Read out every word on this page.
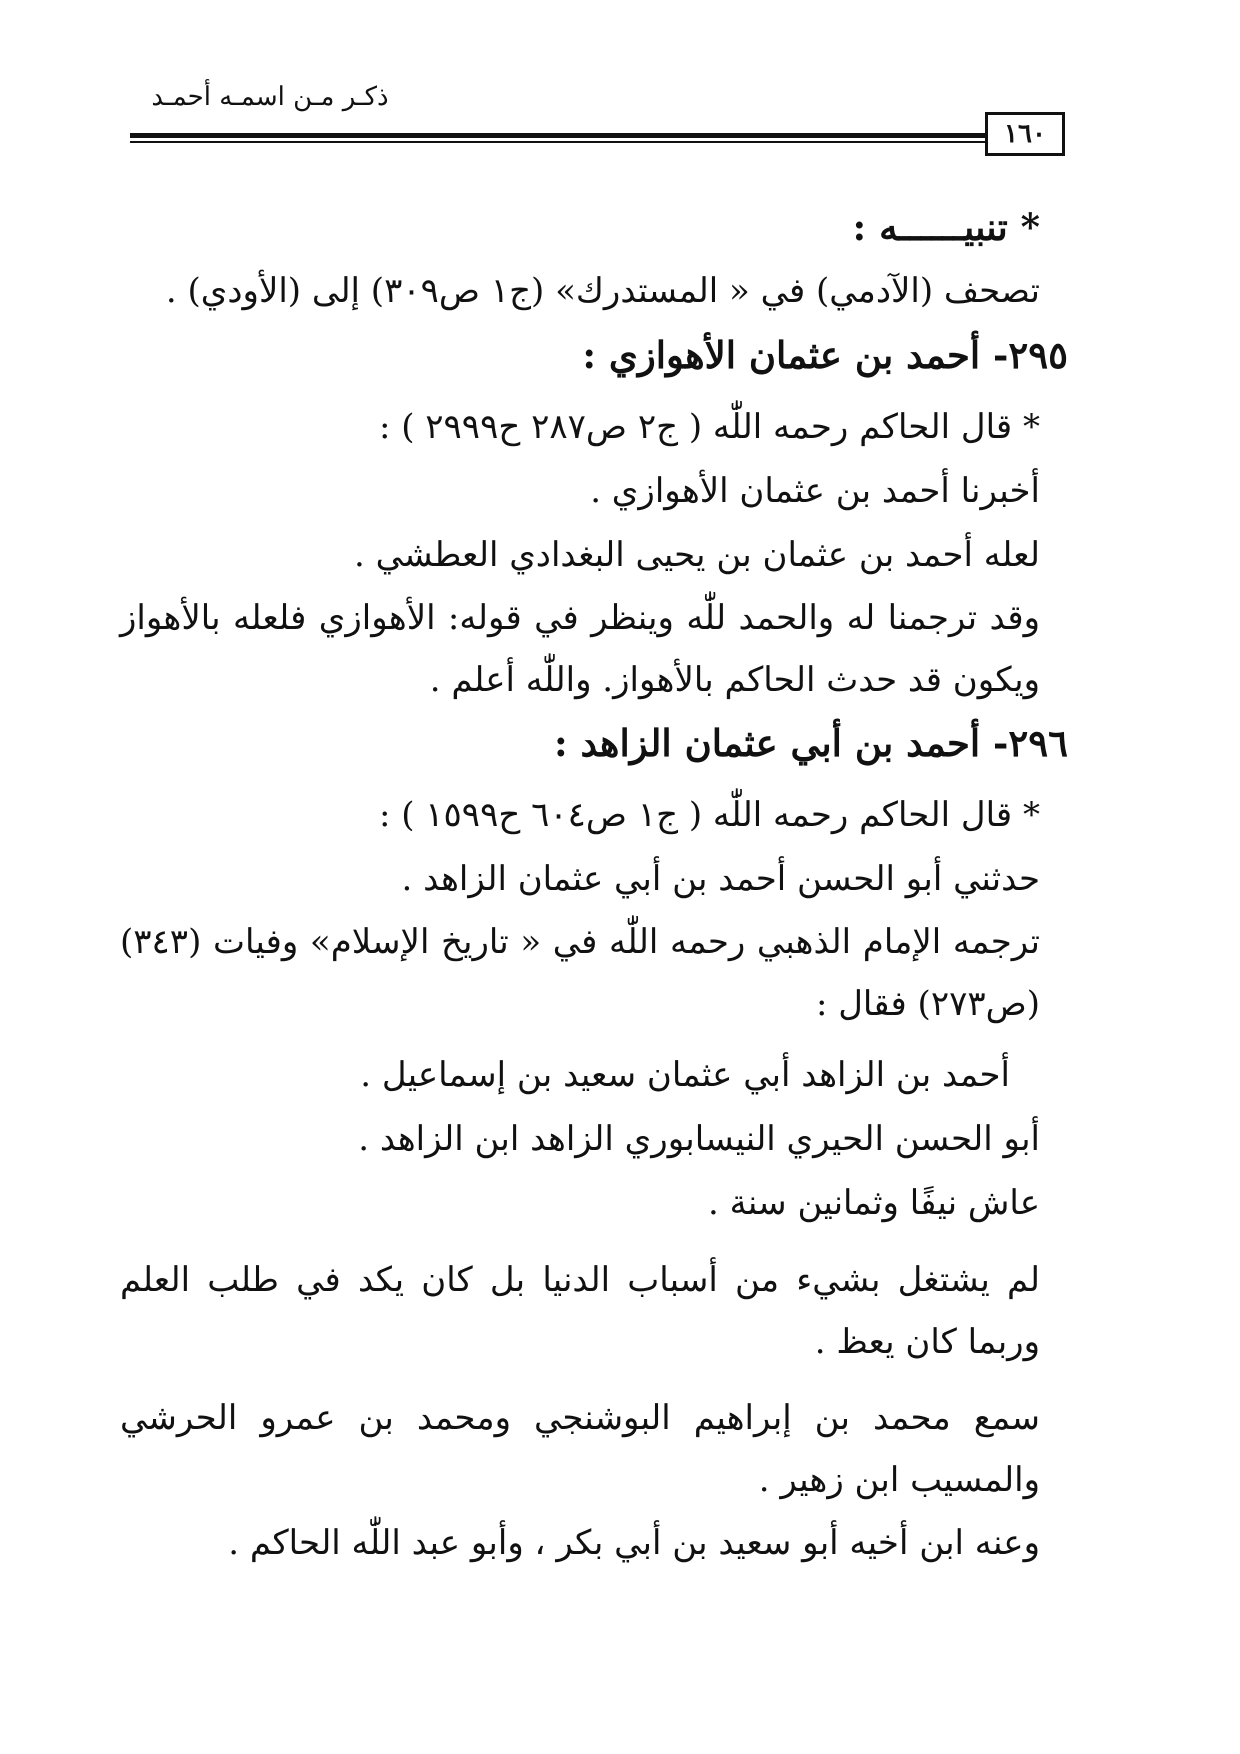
ذكـر مـن اسمـه أحمـد
١٦٠
* تنبيــــــه :
تصحف (الآدمي) في « المستدرك» (ج١ ص٣٠٩) إلى (الأودي) .
٢٩٥- أحمد بن عثمان الأهوازي :
* قال الحاكم رحمه اللّٰه ( ج٢ ص٢٨٧ ح٢٩٩٩ ) :
أخبرنا أحمد بن عثمان الأهوازي .
لعله أحمد بن عثمان بن يحيى البغدادي العطشي .
وقد ترجمنا له والحمد للّٰه وينظر في قوله: الأهوازي فلعله بالأهواز ويكون قد حدث الحاكم بالأهواز. واللّٰه أعلم .
٢٩٦- أحمد بن أبي عثمان الزاهد :
* قال الحاكم رحمه اللّٰه ( ج١ ص٦٠٤ ح١٥٩٩ ) :
حدثني أبو الحسن أحمد بن أبي عثمان الزاهد .
ترجمه الإمام الذهبي رحمه اللّٰه في « تاريخ الإسلام» وفيات (٣٤٣) (ص٢٧٣) فقال :
أحمد بن الزاهد أبي عثمان سعيد بن إسماعيل .
أبو الحسن الحيري النيسابوري الزاهد ابن الزاهد .
عاش نيفًا وثمانين سنة .
لم يشتغل بشيء من أسباب الدنيا بل كان يكد في طلب العلم وربما كان يعظ .
سمع محمد بن إبراهيم البوشنجي ومحمد بن عمرو الحرشي والمسيب ابن زهير .
وعنه ابن أخيه أبو سعيد بن أبي بكر ، وأبو عبد اللّٰه الحاكم .
